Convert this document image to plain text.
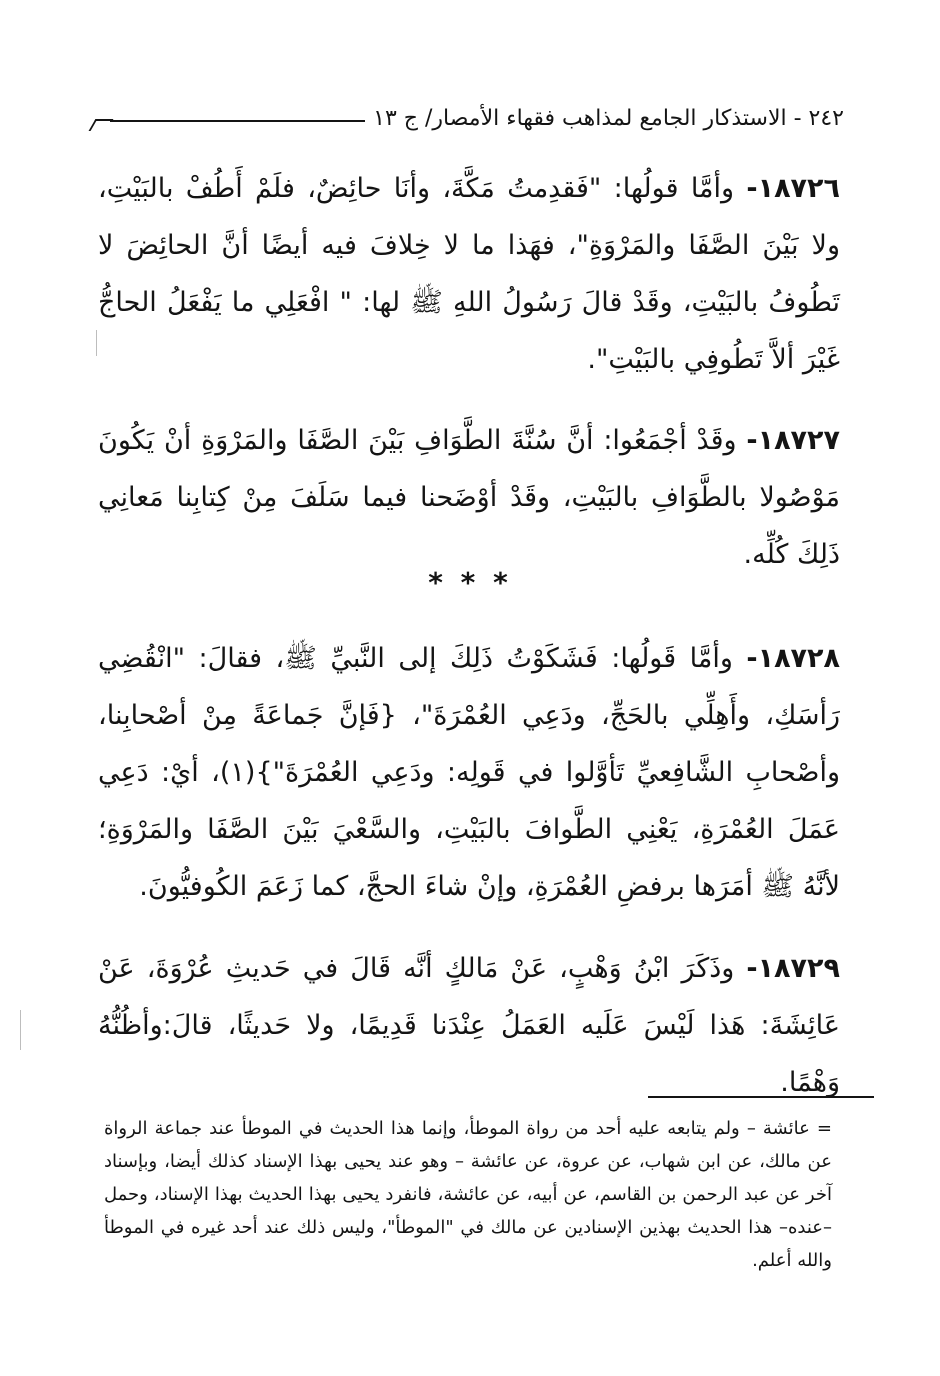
٢٤٢ - الاستذكار الجامع لمذاهب فقهاء الأمصار/ ج ١٣
١٨٧٢٦- وأمَّا قولُها: "فَقدِمتُ مَكَّةَ، وأنَا حائِضٌ، فلَمْ أَطُفْ بالبَيْتِ، ولا بَيْنَ الصَّفَا والمَرْوَةِ"، فهَذا ما لا خِلافَ فيه أيضًا أنَّ الحائِضَ لا تَطُوفُ بالبَيْتِ، وقَدْ قالَ رَسُولُ اللهِ ﷺ لها: " افْعَلِي ما يَفْعَلُ الحاجُّ غَيْرَ ألاَّ تَطُوفِي بالبَيْتِ".
١٨٧٢٧- وقَدْ أجْمَعُوا: أنَّ سُنَّةَ الطَّوَافِ بَيْنَ الصَّفَا والمَرْوَةِ أنْ يَكُونَ مَوْصُولا بالطَّوَافِ بالبَيْتِ، وقَدْ أوْضَحنا فيما سَلَفَ مِنْ كِتابِنا مَعانِي ذَلِكَ كُلِّه.
* * *
١٨٧٢٨- وأمَّا قَولُها: فَشَكَوْتُ ذَلِكَ إلى النَّبيِّ ﷺ، فقالَ: "انْقُضِي رَأسَكِ، وأَهِلِّي بالحَجِّ، ودَعِي العُمْرَةَ"، {فَإنَّ جَماعَةً مِنْ أصْحابِنا، وأصْحابِ الشَّافِعيِّ تَأوَّلوا في قَولِه: ودَعِي العُمْرَةَ"}(١)، أيْ: دَعِي عَمَلَ العُمْرَةِ، يَعْنِي الطَّوافَ بالبَيْتِ، والسَّعْيَ بَيْنَ الصَّفَا والمَرْوَةِ؛ لأنَّهُ ﷺ أمَرَها برفضِ العُمْرَةِ، وإنْ شاءَ الحجَّ، كما زَعَمَ الكُوفيُّونَ.
١٨٧٢٩- وذَكَرَ ابْنُ وَهْبٍ، عَنْ مَالكٍ أنَّه قَالَ في حَديثِ عُرْوَةَ، عَنْ عَائِشَةَ: هَذا لَيْسَ عَلَيه العَمَلُ عِنْدَنا قَدِيمًا، ولا حَديثًا، قالَ:وأظُنُّهُ وَهْمًا.
= عائشة – ولم يتابعه عليه أحد من رواة الموطأ، وإنما هذا الحديث في الموطأ عند جماعة الرواة عن مالك، عن ابن شهاب، عن عروة، عن عائشة – وهو عند يحيى بهذا الإسناد كذلك أيضا، وبإسناد آخر عن عبد الرحمن بن القاسم، عن أبيه، عن عائشة، فانفرد يحيى بهذا الحديث بهذا الإسناد، وحمل –عنده– هذا الحديث بهذين الإسنادين عن مالك في "الموطأ"، وليس ذلك عند أحد غيره في الموطأ والله أعلم.
